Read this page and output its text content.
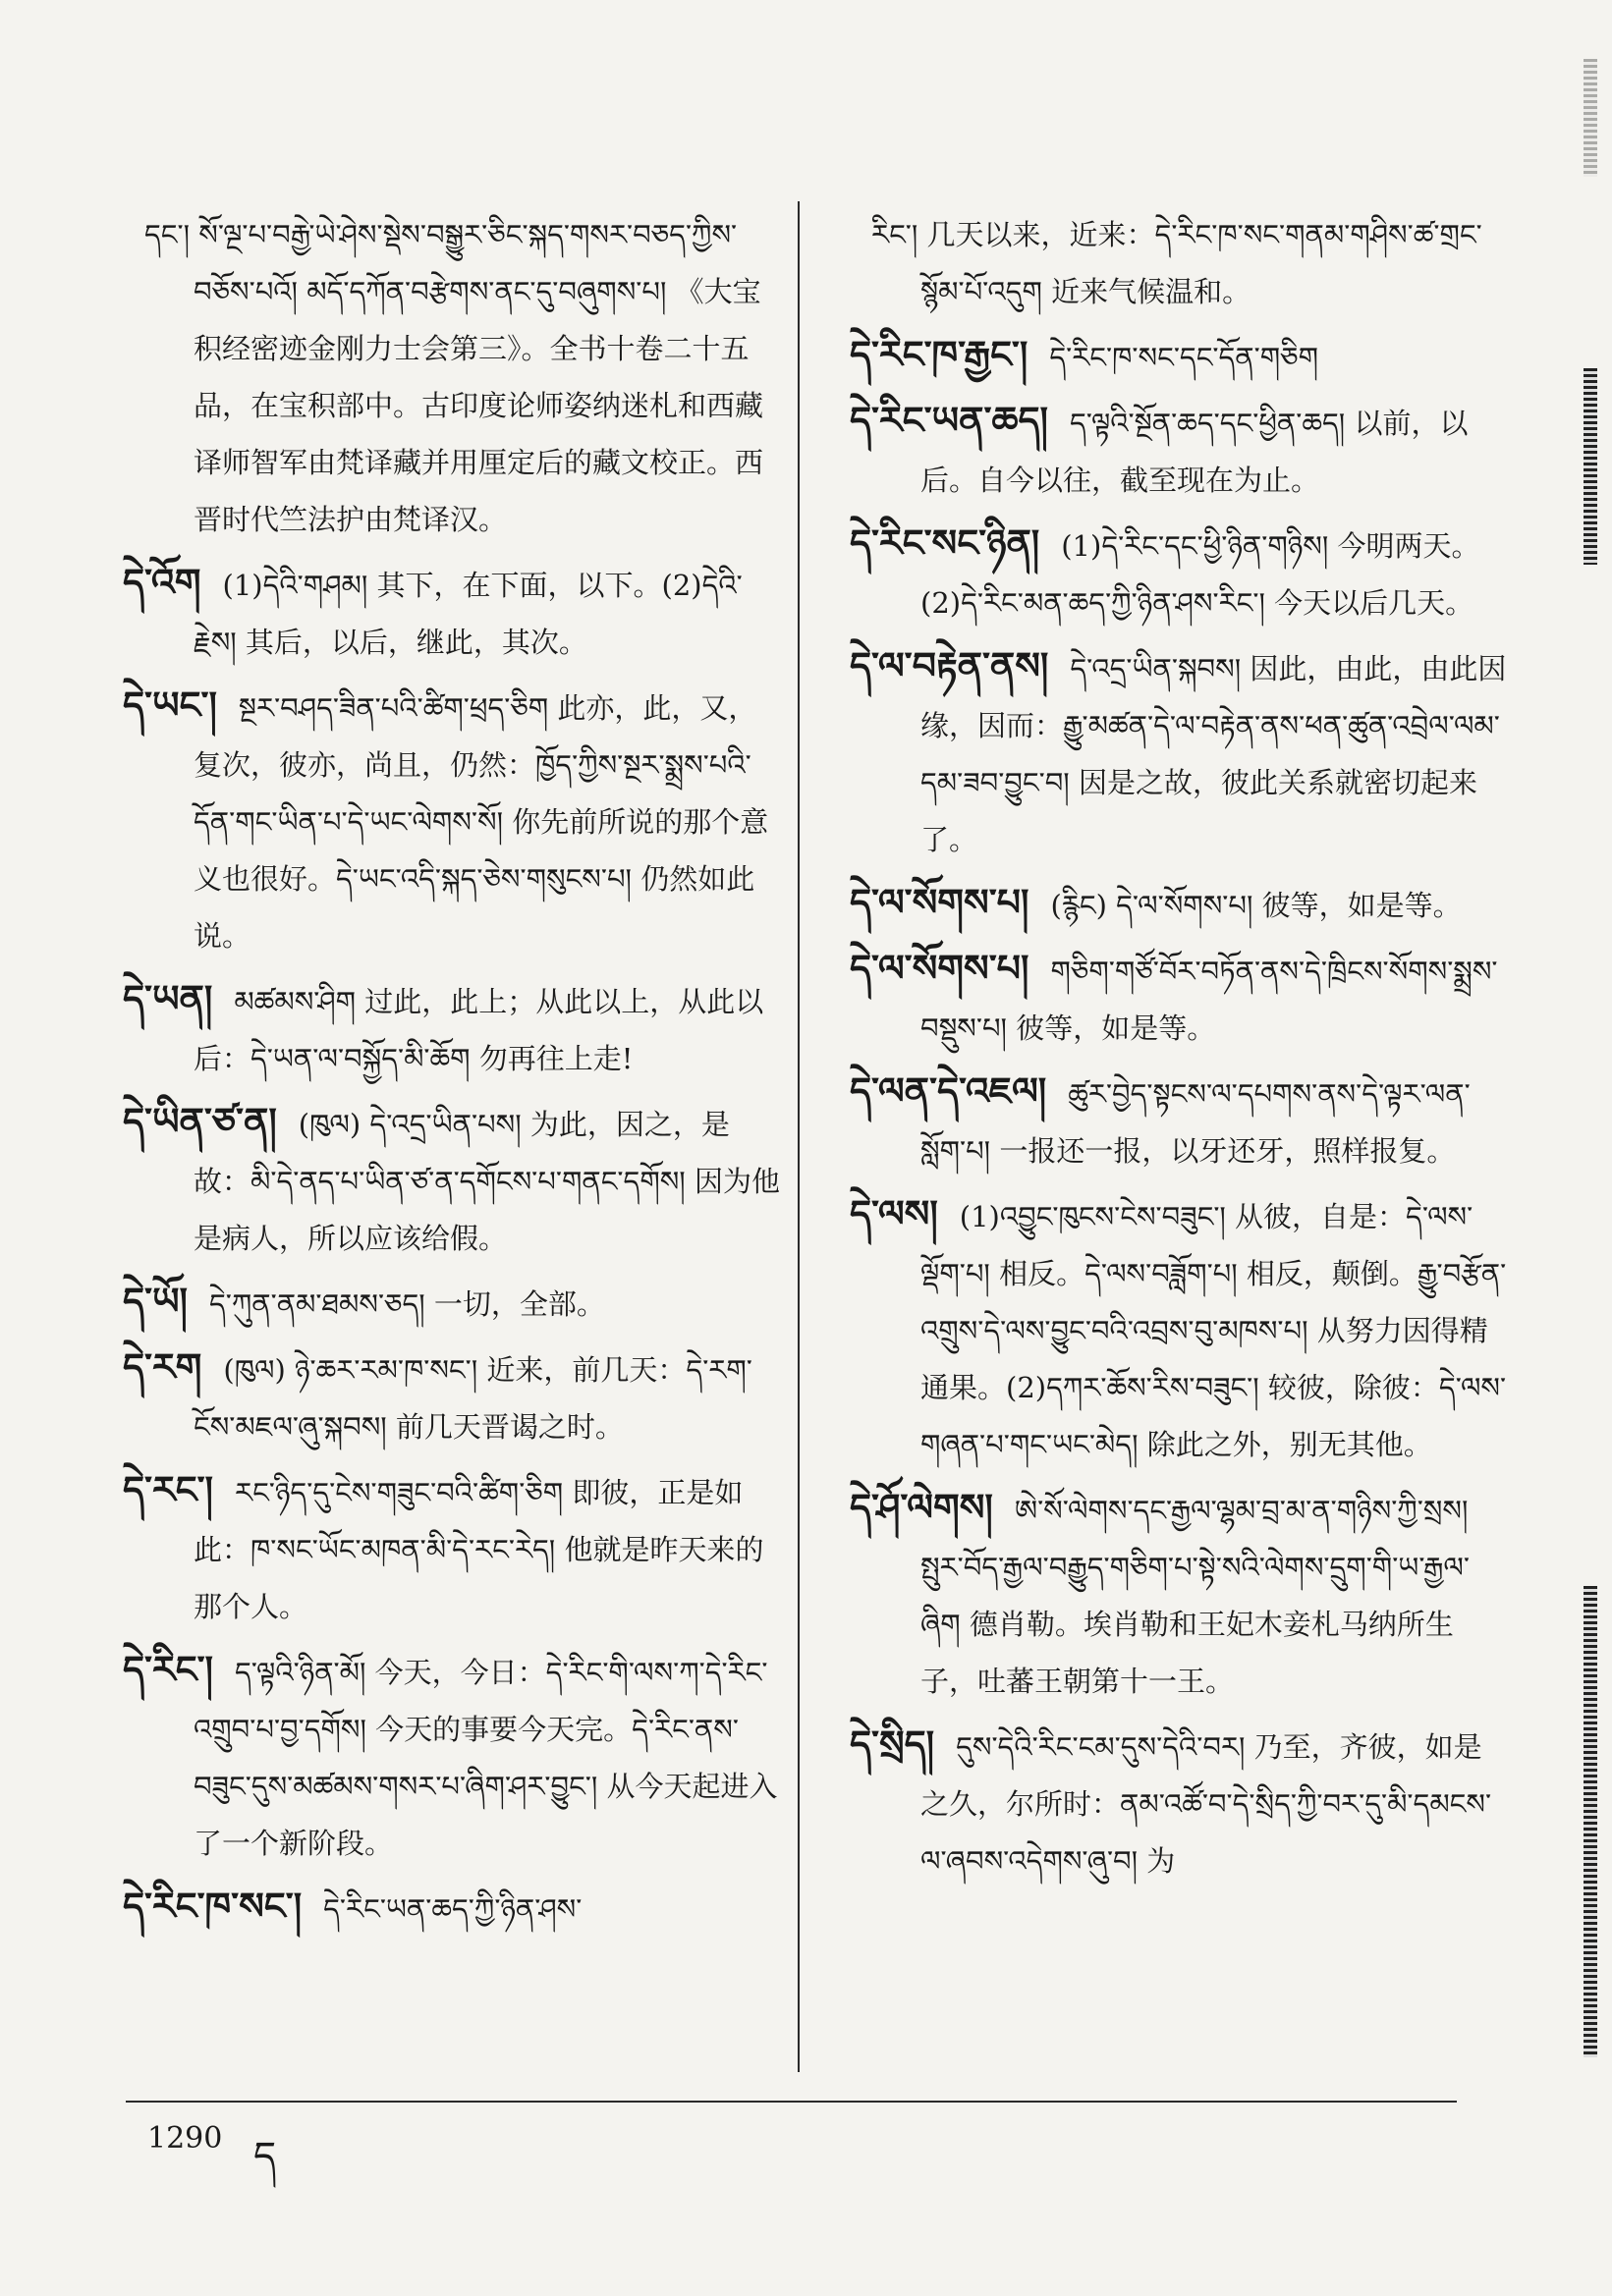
དང་། སོ་ལྔ་པ་བརྒྱེ་ཡེ་ཤེས་སྡེས་བསྒྱུར་ཅིང་སྐད་གསར་བཅད་ཀྱིས་བཅོས་པའོ། མདོ་དཀོན་བརྩེགས་ནང་དུ་བཞུགས་པ། 《大宝积经密迹金刚力士会第三》。全书十卷二十五品，在宝积部中。古印度论师姿纳迷札和西藏译师智军由梵译藏并用厘定后的藏文校正。西晋时代竺法护由梵译汉。

དེ་འོག (1)དེའི་གཤམ། 其下，在下面，以下。(2)དེའི་རྗེས། 其后，以后，继此，其次。

དེ་ཡང་། སྔར་བཤད་ཟིན་པའི་ཚིག་ཕྲད་ཅིག 此亦，此，又，复次，彼亦，尚且，仍然：ཁྱོད་ཀྱིས་སྔར་སྨྲས་པའི་དོན་གང་ཡིན་པ་དེ་ཡང་ལེགས་སོ། 你先前所说的那个意义也很好。དེ་ཡང་འདི་སྐད་ཅེས་གསུངས་པ། 仍然如此说。

དེ་ཡན། མཚམས་ཤིག 过此，此上；从此以上，从此以后：དེ་ཡན་ལ་བསྐྱོད་མི་ཆོག 勿再往上走!

དེ་ཡིན་ཙ་ན། (ཁུལ) དེ་འདྲ་ཡིན་པས། 为此，因之，是故：མི་དེ་ནད་པ་ཡིན་ཙ་ན་དགོངས་པ་གནང་དགོས། 因为他是病人，所以应该给假。

དེ་ཡོ། དེ་ཀུན་ནམ་ཐམས་ཅད། 一切，全部。

དེ་རག (ཁུལ) ཉེ་ཆར་རམ་ཁ་སང་། 近来，前几天：དེ་རག་ངོས་མཇལ་ཞུ་སྐབས། 前几天晋谒之时。

དེ་རང་། རང་ཉིད་དུ་ངེས་གཟུང་བའི་ཚིག་ཅིག 即彼，正是如此：ཁ་སང་ཡོང་མཁན་མི་དེ་རང་རེད། 他就是昨天来的那个人。

དེ་རིང་། ད་ལྟའི་ཉིན་མོ། 今天，今日：དེ་རིང་གི་ལས་ཀ་དེ་རིང་འགྲུབ་པ་བྱ་དགོས། 今天的事要今天完。དེ་རིང་ནས་བཟུང་དུས་མཚམས་གསར་པ་ཞིག་ཤར་བྱུང་། 从今天起进入了一个新阶段。

དེ་རིང་ཁ་སང་། དེ་རིང་ཡན་ཆད་ཀྱི་ཉིན་ཤས་

རིང་། 几天以来，近来：དེ་རིང་ཁ་སང་གནམ་གཤིས་ཚ་གྲང་སྙོམ་པོ་འདུག 近来气候温和。

དེ་རིང་ཁ་རྒྱང་། དེ་རིང་ཁ་སང་དང་དོན་གཅིག

དེ་རིང་ཡན་ཆད། ད་ལྟའི་སྔོན་ཆད་དང་ཕྱིན་ཆད། 以前，以后。自今以往，截至现在为止。

དེ་རིང་སང་ཉིན། (1)དེ་རིང་དང་ཕྱི་ཉིན་གཉིས། 今明两天。(2)དེ་རིང་མན་ཆད་ཀྱི་ཉིན་ཤས་རིང་། 今天以后几天。

དེ་ལ་བརྟེན་ནས། དེ་འདྲ་ཡིན་སྐབས། 因此，由此，由此因缘，因而：རྒྱུ་མཚན་དེ་ལ་བརྟེན་ནས་ཕན་ཚུན་འབྲེལ་ལམ་དམ་ཟབ་བྱུང་བ། 因是之故，彼此关系就密切起来了。

དེ་ལ་སོགས་པ། (རྙིང) དེ་ལ་སོགས་པ། 彼等，如是等。

དེ་ལ་སོགས་པ། གཅིག་གཙོ་བོར་བཏོན་ནས་དེ་ཁྲིངས་སོགས་སྨྲས་བསྡུས་པ། 彼等，如是等。

དེ་ལན་དེ་འཇལ། ཚུར་བྱེད་སྟངས་ལ་དཔགས་ནས་དེ་ལྟར་ལན་སློག་པ། 一报还一报，以牙还牙，照样报复。

དེ་ལས། (1)འབྱུང་ཁུངས་ངེས་བཟུང་། 从彼，自是：དེ་ལས་ལྡོག་པ། 相反。དེ་ལས་བཟློག་པ། 相反，颠倒。རྒྱུ་བརྩོན་འགྲུས་དེ་ལས་བྱུང་བའི་འབྲས་བུ་མཁས་པ། 从努力因得精通果。(2)དཀར་ཆོས་རིས་བཟུང་། 较彼，除彼：དེ་ལས་གཞན་པ་གང་ཡང་མེད། 除此之外，别无其他。

དེ་ཤོ་ལེགས། ཨེ་སོ་ལེགས་དང་རྒྱལ་ལྷམ་བྲ་མ་ན་གཉིས་ཀྱི་སྲས། སྤུར་བོད་རྒྱལ་བརྒྱུད་གཅིག་པ་སྟེ་སའི་ལེགས་དྲུག་གི་ཡ་རྒྱལ་ཞིག 德肖勒。埃肖勒和王妃木妾札马纳所生子，吐蕃王朝第十一王。

དེ་སྲིད། དུས་དེའི་རིང་ངམ་དུས་དེའི་བར། 乃至，齐彼，如是之久，尔所时：ནམ་འཚོ་བ་དེ་སྲིད་ཀྱི་བར་དུ་མི་དམངས་ལ་ཞབས་འདེགས་ཞུ་བ། 为

1290 ད
